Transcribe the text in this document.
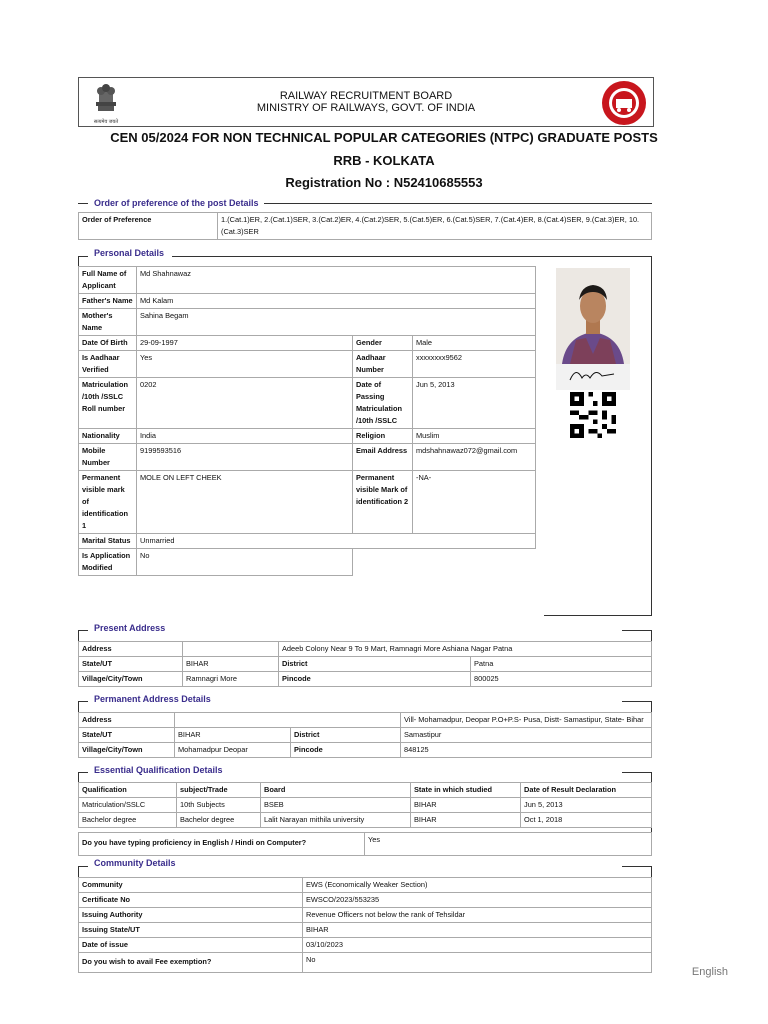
सत्यमेव जयते
RAILWAY RECRUITMENT BOARD
MINISTRY OF RAILWAYS, GOVT. OF INDIA
CEN 05/2024 FOR NON TECHNICAL POPULAR CATEGORIES (NTPC) GRADUATE POSTS
RRB - KOLKATA
Registration No : N52410685553
Order of preference of the post Details
Order of Preference	1.(Cat.1)ER, 2.(Cat.1)SER, 3.(Cat.2)ER, 4.(Cat.2)SER, 5.(Cat.5)ER, 6.(Cat.5)SER, 7.(Cat.4)ER, 8.(Cat.4)SER, 9.(Cat.3)ER, 10.(Cat.3)SER
Personal Details
Full Name of Applicant	Md Shahnawaz		
Father's Name	Md Kalam		
Mother's Name	Sahina Begam		
Date Of Birth	29-09-1997	Gender	Male
Is Aadhaar Verified	Yes	Aadhaar Number	xxxxxxxx9562
Matriculation /10th /SSLC Roll number	0202	Date of Passing Matriculation /10th /SSLC	Jun 5, 2013
Nationality	India	Religion	Muslim
Mobile Number	9199593516	Email Address	mdshahnawaz072@gmail.com
Permanent visible mark of identification 1	MOLE ON LEFT CHEEK	Permanent visible Mark of identification 2	-NA-
Marital Status	Unmarried		
Is Application Modified	No		
Present Address
Address		Adeeb Colony Near 9 To 9 Mart, Ramnagri More Ashiana Nagar Patna	
State/UT	BIHAR	District	Patna
Village/City/Town	Ramnagri More	Pincode	800025
Permanent Address Details
Address			Vill- Mohamadpur, Deopar P.O+P.S- Pusa, Distt- Samastipur, State- Bihar
State/UT	BIHAR	District	Samastipur
Village/City/Town	Mohamadpur Deopar	Pincode	848125
Essential Qualification Details
Qualification	subject/Trade	Board	State in which studied	Date of Result Declaration
Matriculation/SSLC	10th Subjects	BSEB	BIHAR	Jun 5, 2013
Bachelor degree	Bachelor degree	Lalit Narayan mithila university	BIHAR	Oct 1, 2018
Do you have typing proficiency in English / Hindi on Computer?	Yes
Community Details
Community	EWS (Economically Weaker Section)
Certificate No	EWSCO/2023/553235
Issuing Authority	Revenue Officers not below the rank of Tehsildar
Issuing State/UT	BIHAR
Date of issue	03/10/2023
Do you wish to avail Fee exemption?	No
English
